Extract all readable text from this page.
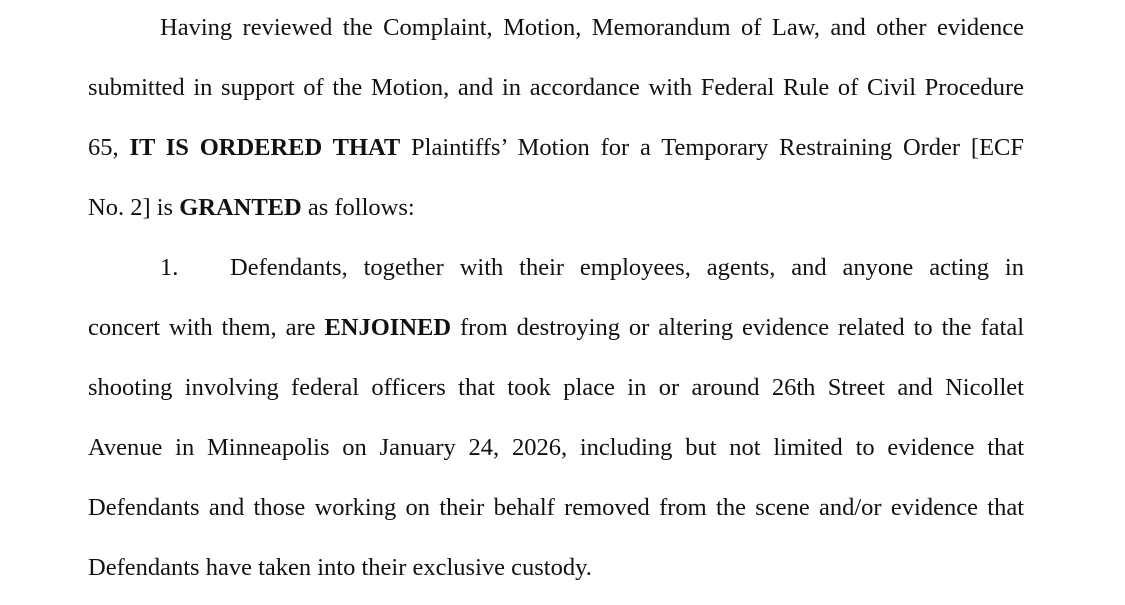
Having reviewed the Complaint, Motion, Memorandum of Law, and other evidence
submitted in support of the Motion, and in accordance with Federal Rule of Civil Procedure
65, IT IS ORDERED THAT Plaintiffs’ Motion for a Temporary Restraining Order [ECF
No. 2] is GRANTED as follows:
1. Defendants, together with their employees, agents, and anyone acting in
concert with them, are ENJOINED from destroying or altering evidence related to the fatal
shooting involving federal officers that took place in or around 26th Street and Nicollet
Avenue in Minneapolis on January 24, 2026, including but not limited to evidence that
Defendants and those working on their behalf removed from the scene and/or evidence that
Defendants have taken into their exclusive custody.
